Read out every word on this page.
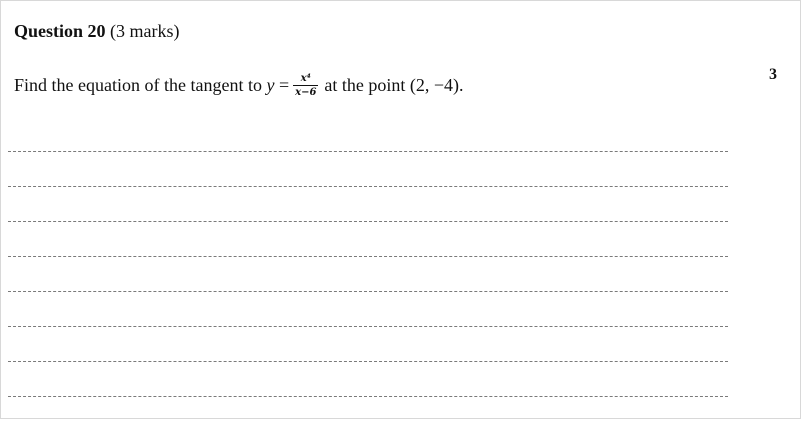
Question 20 (3 marks)
Find the equation of the tangent to
y
= $\frac{\text{x⁴}}{x-6}$ at the point (2, −4).	3
